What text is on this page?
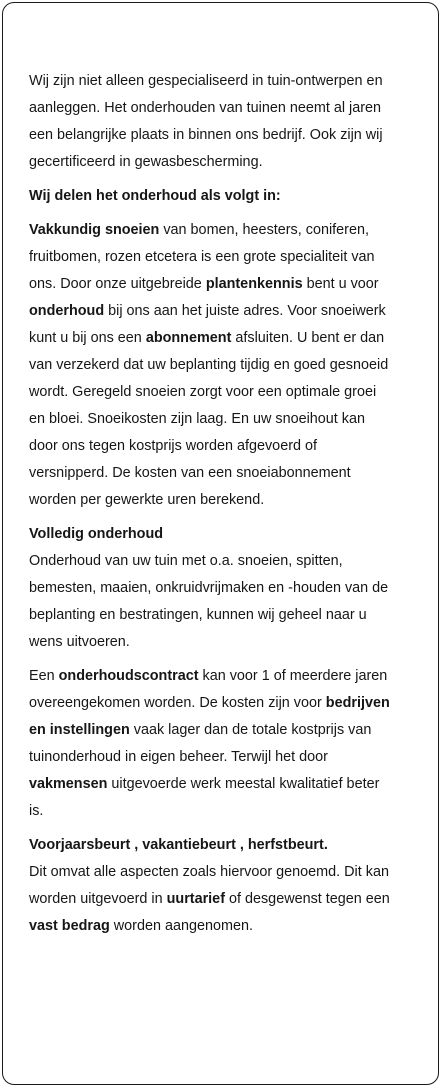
Wij zijn niet alleen gespecialiseerd in tuin-ontwerpen en aanleggen. Het onderhouden van tuinen neemt al jaren een belangrijke plaats in binnen ons bedrijf. Ook zijn wij gecertificeerd in gewasbescherming.

Wij delen het onderhoud als volgt in:

Vakkundig snoeien van bomen, heesters, coniferen, fruitbomen, rozen etcetera is een grote specialiteit van ons. Door onze uitgebreide plantenkennis bent u voor onderhoud bij ons aan het juiste adres. Voor snoeiwerk kunt u bij ons een abonnement afsluiten. U bent er dan van verzekerd dat uw beplanting tijdig en goed gesnoeid wordt. Geregeld snoeien zorgt voor een optimale groei en bloei. Snoeikosten zijn laag. En uw snoeihout kan door ons tegen kostprijs worden afgevoerd of versnipperd. De kosten van een snoeiabonnement worden per gewerkte uren berekend.

Volledig onderhoud
Onderhoud van uw tuin met o.a. snoeien, spitten, bemesten, maaien, onkruidvrijmaken en -houden van de beplanting en bestratingen, kunnen wij geheel naar u wens uitvoeren.

Een onderhoudscontract kan voor 1 of meerdere jaren overeengekomen worden. De kosten zijn voor bedrijven en instellingen vaak lager dan de totale kostprijs van tuinonderhoud in eigen beheer. Terwijl het door vakmensen uitgevoerde werk meestal kwalitatief beter is.

Voorjaarsbeurt , vakantiebeurt , herfstbeurt.
Dit omvat alle aspecten zoals hiervoor genoemd. Dit kan worden uitgevoerd in uurtarief of desgewenst tegen een vast bedrag worden aangenomen.
